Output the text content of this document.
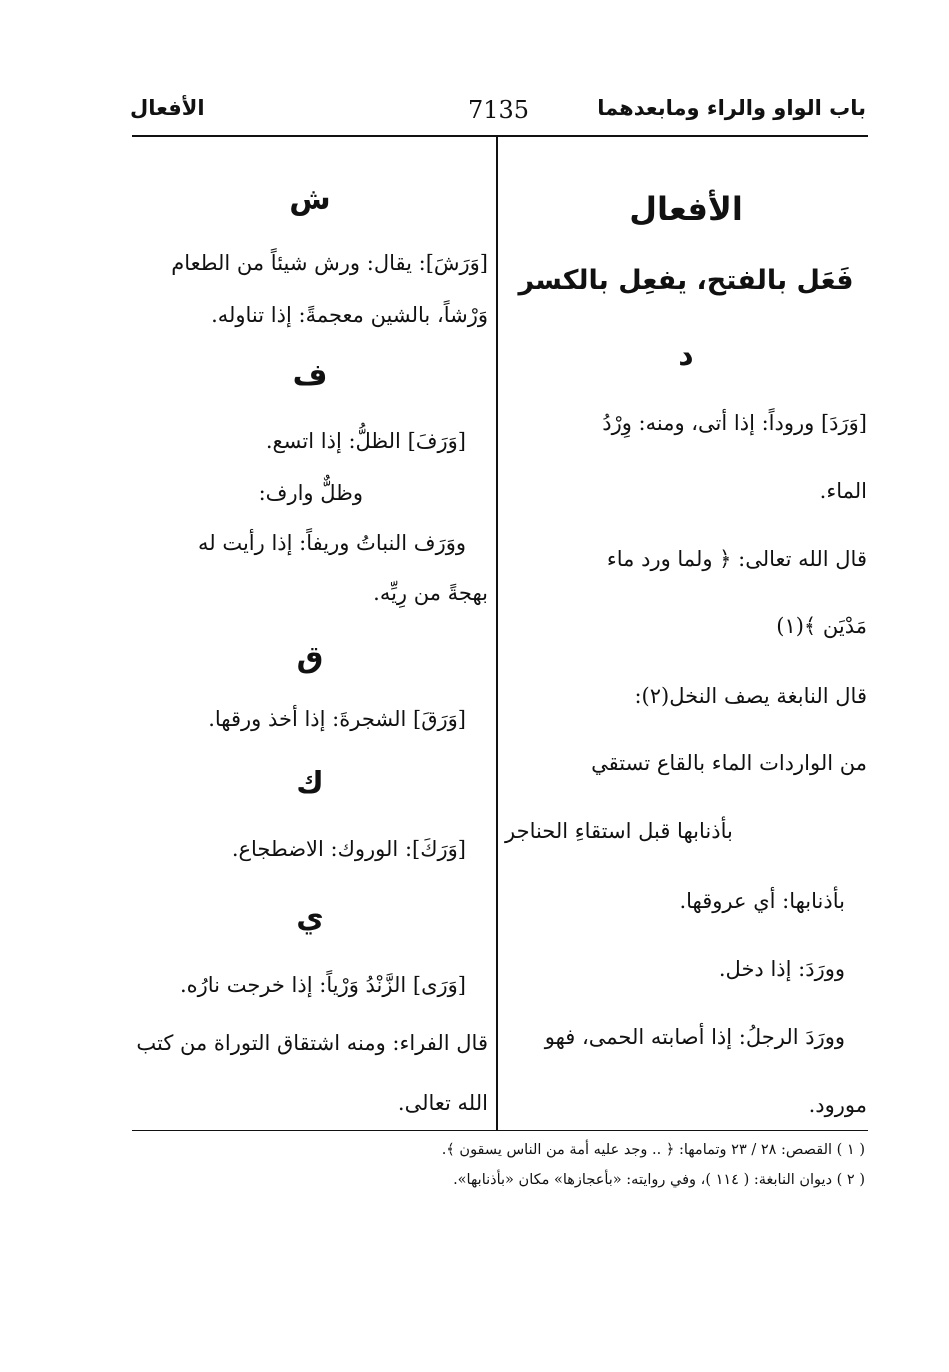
باب الواو والراء ومابعدهما
7135
الأفعال

الأفعال

فَعَل بالفتح، يفعِل بالكسر

د

[وَرَدَ] وروداً: إذا أتى، ومنه: وِرْدُ

الماء.

قال الله تعالى: ﴿ ولما ورد ماء

مَدْيَن ﴾(١)

قال النابغة يصف النخل(٢):

من الواردات الماء بالقاع تستقي

بأذنابها قبل استقاءِ الحناجر

بأذنابها: أي عروقها.

وورَدَ: إذا دخل.

وورَدَ الرجلُ: إذا أصابته الحمى، فهو

مورود.

ش

[وَرَشَ]: يقال: ورش شيئاً من الطعام

وَرْشاً، بالشين معجمةً: إذا تناوله.

ف

[وَرَفَ] الظلُّ: إذا اتسع.

وظلٌّ وارف:

ووَرَف النباتُ وريفاً: إذا رأيت له

بهجةً من رِيِّه.

ق

[وَرَقَ] الشجرةَ: إذا أخذ ورقها.

ك

[وَرَكَ]: الوروك: الاضطجاع.

ي

[وَرَى] الزَّنْدُ وَرْياً: إذا خرجت نارُه.

قال الفراء: ومنه اشتقاق التوراة من كتب

الله تعالى.

( ١ ) القصص: ٢٨ / ٢٣ وتمامها: ﴿ .. وجد عليه أمة من الناس يسقون ﴾.

( ٢ ) ديوان النابغة: ( ١١٤ )، وفي روايته: «بأعجازها» مكان «بأذنابها».
